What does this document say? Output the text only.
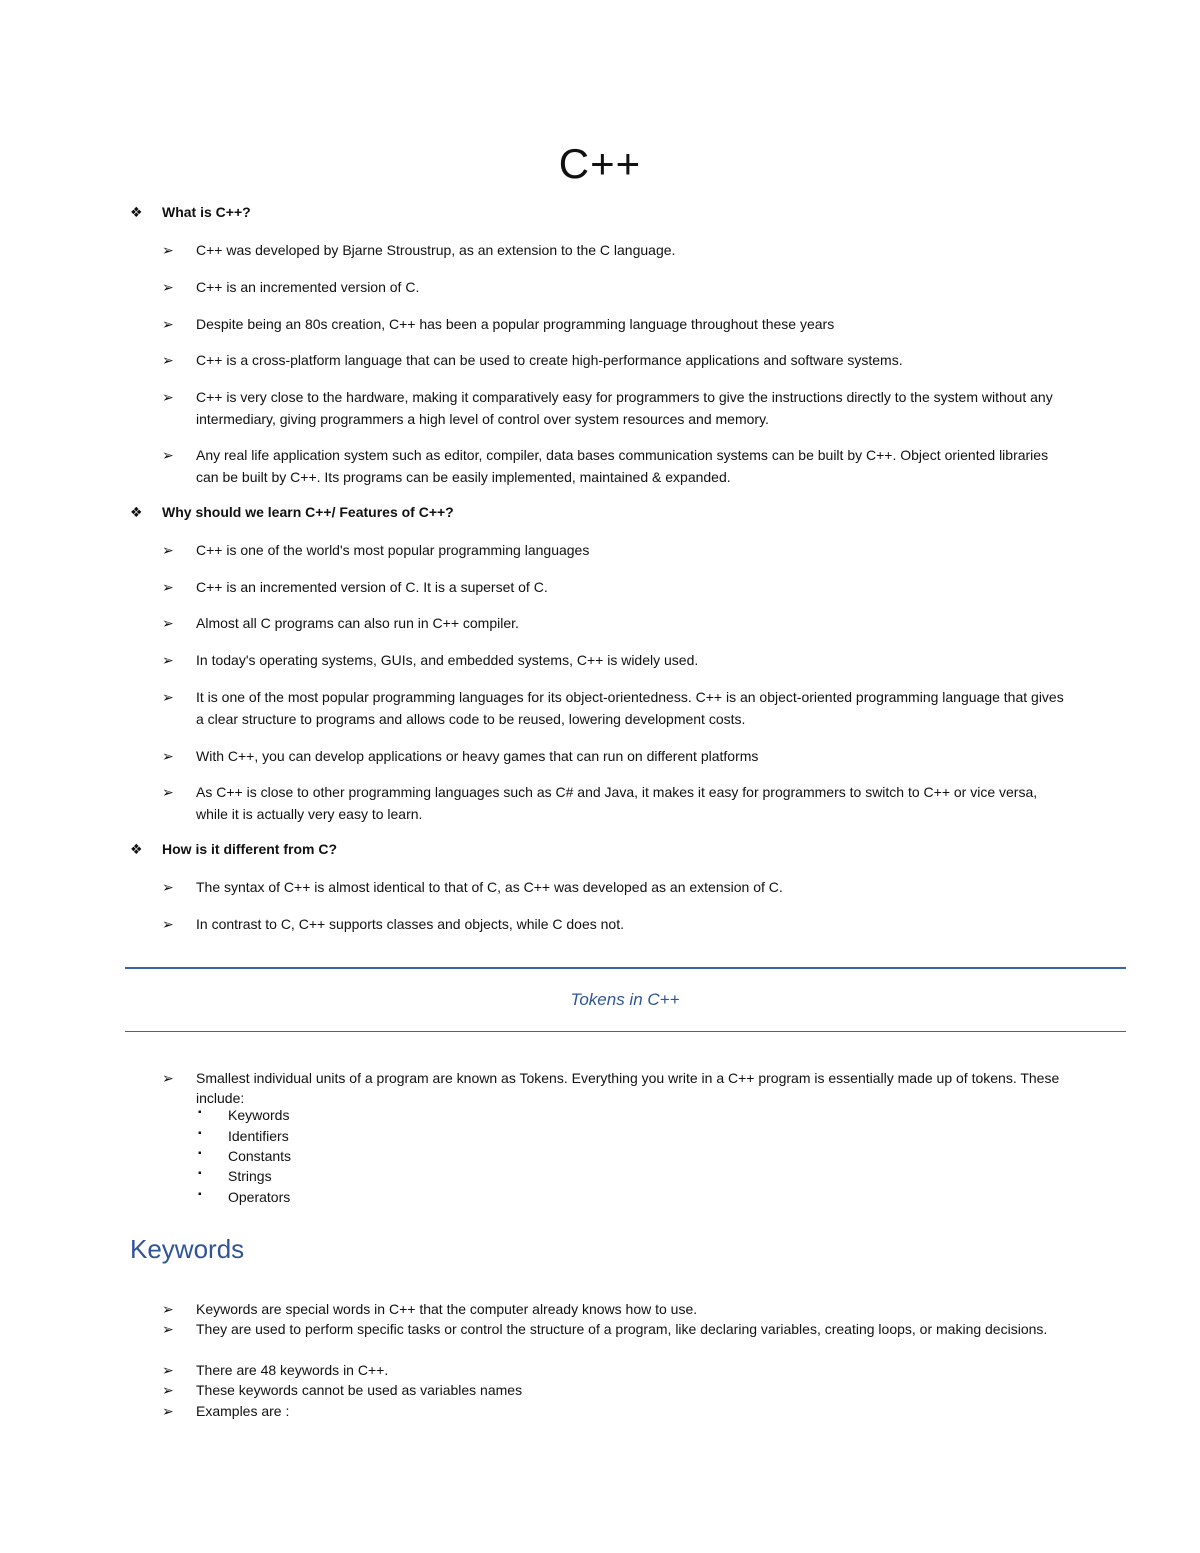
C++
❖ What is C++?
➢ C++ was developed by Bjarne Stroustrup, as an extension to the C language.
➢ C++ is an incremented version of C.
➢ Despite being an 80s creation, C++ has been a popular programming language throughout these years
➢ C++ is a cross-platform language that can be used to create high-performance applications and software systems.
➢ C++ is very close to the hardware, making it comparatively easy for programmers to give the instructions directly to the system without any intermediary, giving programmers a high level of control over system resources and memory.
➢ Any real life application system such as editor, compiler, data bases communication systems can be built by C++. Object oriented libraries can be built by C++. Its programs can be easily implemented, maintained & expanded.
❖ Why should we learn C++/ Features of C++?
➢ C++ is one of the world's most popular programming languages
➢ C++ is an incremented version of C. It is a superset of C.
➢ Almost all C programs can also run in C++ compiler.
➢ In today's operating systems, GUIs, and embedded systems, C++ is widely used.
➢ It is one of the most popular programming languages for its object-orientedness. C++ is an object-oriented programming language that gives a clear structure to programs and allows code to be reused, lowering development costs.
➢ With C++, you can develop applications or heavy games that can run on different platforms
➢ As C++ is close to other programming languages such as C# and Java, it makes it easy for programmers to switch to C++ or vice versa, while it is actually very easy to learn.
❖ How is it different from C?
➢ The syntax of C++ is almost identical to that of C, as C++ was developed as an extension of C.
➢ In contrast to C, C++ supports classes and objects, while C does not.
Tokens in C++
➢ Smallest individual units of a program are known as Tokens. Everything you write in a C++ program is essentially made up of tokens. These include:
▪ Keywords
▪ Identifiers
▪ Constants
▪ Strings
▪ Operators
Keywords
➢ Keywords are special words in C++ that the computer already knows how to use.
➢ They are used to perform specific tasks or control the structure of a program, like declaring variables, creating loops, or making decisions.
➢ There are 48 keywords in C++.
➢ These keywords cannot be used as variables names
➢ Examples are :
